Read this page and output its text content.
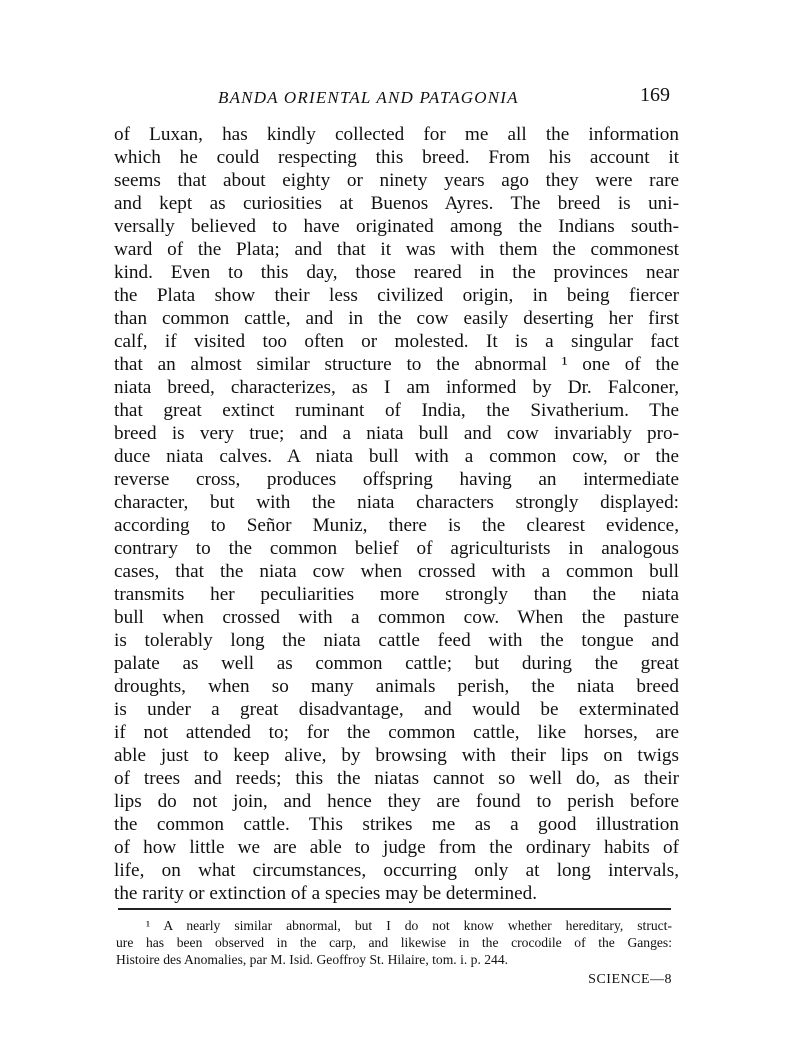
BANDA ORIENTAL AND PATAGONIA	169
of Luxan, has kindly collected for me all the information
which he could respecting this breed. From his account it
seems that about eighty or ninety years ago they were rare
and kept as curiosities at Buenos Ayres. The breed is uni-
versally believed to have originated among the Indians south-
ward of the Plata; and that it was with them the commonest
kind. Even to this day, those reared in the provinces near
the Plata show their less civilized origin, in being fiercer
than common cattle, and in the cow easily deserting her first
calf, if visited too often or molested. It is a singular fact
that an almost similar structure to the abnormal ¹ one of the
niata breed, characterizes, as I am informed by Dr. Falconer,
that great extinct ruminant of India, the Sivatherium. The
breed is very true; and a niata bull and cow invariably pro-
duce niata calves. A niata bull with a common cow, or the
reverse cross, produces offspring having an intermediate
character, but with the niata characters strongly displayed:
according to Señor Muniz, there is the clearest evidence,
contrary to the common belief of agriculturists in analogous
cases, that the niata cow when crossed with a common bull
transmits her peculiarities more strongly than the niata
bull when crossed with a common cow. When the pasture
is tolerably long the niata cattle feed with the tongue and
palate as well as common cattle; but during the great
droughts, when so many animals perish, the niata breed
is under a great disadvantage, and would be exterminated
if not attended to; for the common cattle, like horses, are
able just to keep alive, by browsing with their lips on twigs
of trees and reeds; this the niatas cannot so well do, as their
lips do not join, and hence they are found to perish before
the common cattle. This strikes me as a good illustration
of how little we are able to judge from the ordinary habits of
life, on what circumstances, occurring only at long intervals,
the rarity or extinction of a species may be determined.
¹ A nearly similar abnormal, but I do not know whether hereditary, struct-
ure has been observed in the carp, and likewise in the crocodile of the Ganges:
Histoire des Anomalies, par M. Isid. Geoffroy St. Hilaire, tom. i. p. 244.
SCIENCE—8
